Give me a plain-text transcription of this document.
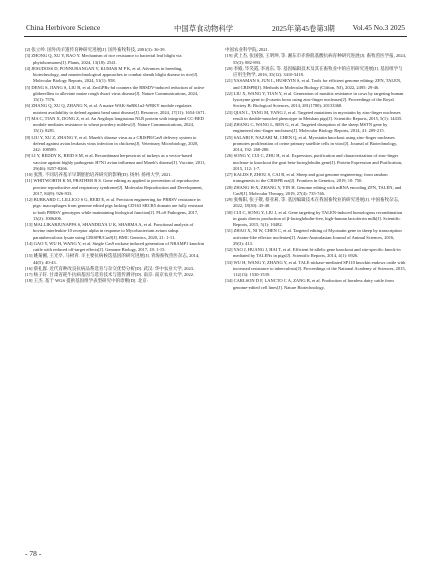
China Herbivore Science	中国草食动物科学	2025年第45卷第3期 Vol.45 No.3 2025

[2] 张立岭. 国外肉羊遗传育种研究进展[J]. 国外畜牧科技, 2001(3): 36-39.

[3] ZHONG Q, XU Y, RAO Y. Mechanism of rice resistance to bacterial leaf blight via phytohormones[J]. Plants, 2024, 13(18): 2541.

[4] JESUDOSS D, PONNURANGAN V, KUMAR M P K, et al. Advances in breeding, biotechnology, and nanotechnological approaches to combat sheath blight disease in rice[J]. Molecular Biology Reports, 2024, 51(1): 958.

[5] DENG S, JIANG S, LIU B, et al. ZmGPRs-hd counters the RBSDV-induced reduction of active gibberellins to alleviate maize rough dwarf virus disease[J]. Nature Communications, 2024, 15(1): 7576.

[6] ZHANG Q, XU Q, ZHANG N, et al. A maize WAK-SnRK1α2-WRKY module regulates nutrient availability to defend against head smut disease[J]. Resource, 2024, 17(11): 1654-1671.

[7] MA C, TIAN X, DONG Z, et al. An Aegilops longissima NLR protein with integrated CC-BED module mediates resistance to wheat powdery mildew[J]. Nature Communications, 2024, 15(1): 8281.

[8] LIU Y, XU Z, ZHANG Y, et al. Marek's disease virus as a CRISPR/Cas9 delivery system to defend against avian leukosis virus infection in chickens[J]. Veterinary Microbiology, 2020, 242: 108589.

[9] LI Y, REDDY K, REID S M, et al. Recombinant herpesvirus of turkeys as a vector-based vaccine against highly pathogenic H7N1 avian influenza and Marek's disease[J]. Vaccine, 2011, 29(46): 8257-8266.

[10] 张凯. 不同培养基羊早期胚胎培养研究的影响[D]. 扬州: 扬州大学, 2021.

[11] WHITWORTH K M, PRATHER R S. Gene editing as applied to prevention of reproductive porcine reproductive and respiratory syndrome[J]. Molecular Reproduction and Development, 2017, 84(9): 926-933.

[12] BURKARD C, LILLICO S G, REID E, et al. Precision engineering for PRRSV resistance in pigs: macrophages from genome edited pigs lacking CD163 SRCR5 domain are fully resistant to both PRRSV genotypes while maintaining biological function[J]. PLoS Pathogens, 2017, 13(2): 1006206.

[13] MALLIKARJUNAPPA S, SHANDILYA U K, SHARMA A, et al. Functional analysis of bovine interleukin-10 receptor alpha in response to Mycobacterium avium subsp. paratuberculosis lysate using CRISPR/Cas9[J]. BMC Genetics, 2020, 21: 1-11.

[14] GAO Y, WU H, WANG Y, et al. Single Cas9 nickase induced generation of NRAMP1 knockin cattle with reduced off-target effects[J]. Genome Biology, 2017, 18: 1-15.

[15] 姚菊圃, 王光亭, 马树青. 羊主要抗病候选基因的研究进展[J]. 青海畜牧兽医杂志, 2014, 44(5): 40-43.

[16] 蔡礼群. 近代育种改良抗病品系选育与杂交优势分析[D]. 武汉: 华中农业大学, 2023.

[17] 杨子轩. 甘肃省耗牛抗病基因与选育技术与遗传测评[D]. 南京: 南京农业大学, 2022.

[18] 王杰. 基于 WGS 提供基因组学表型研究中的诊断[D]. 北京:

中国农业科学院, 2021.

[19] 武上杰, 张国强, 王明坤, 等. 湘东市赤鲁肌基酸抗病育种研究进展[J]. 畜牧兽医学报, 2024, 55(3): 882-893.

[20] 李殿, 毕笑霞, 李再东, 等. 基因编辑技术及其在畜牧业中的应用研究进展[J]. 基因组学与应用生物学, 2016, 35(12): 3410-3418.

[21] YASAMAN S, JUN L, HUSEYIN S, et al. Tools for efficient genome editing: ZFN, TALEN, and CRISPR[J]. Methods in Molecular Biology (Clifton, NJ), 2022, 2495: 29-46.

[22] LIU X, WANG Y, TIAN Y, et al. Generation of mastitis resistance in cows by targeting human lysozyme gene to β-casein locus using zinc-finger nucleases[J]. Proceedings of the Royal Society B: Biological Sciences, 2014, 281(1780): 20133368.

[23] QIAN L, TANG M, YANG J, et al. Targeted mutations in myostatin by zinc-finger nucleases result in double-muscled phenotype in Meishan pigs[J]. Scientific Reports, 2015, 5(1): 14435.

[24] ZHANG C, WANG L, REN G, et al. Targeted disruption of the sheep MSTN gene by engineered zinc-finger nucleases[J]. Molecular Biology Reports, 2014, 41: 209-215.

[25] SALABI F, NAZARI M, CHEN Q, et al. Myostatin knockout using zinc-finger nucleases promotes proliferation of ovine primary satellite cells in vitro[J]. Journal of Biotechnology, 2014, 192: 268-280.

[26] SONG Y, CUI C, ZHU H, et al. Expression, purification and characterization of zinc-finger nuclease to knockout the goat beta-lactoglobulin gene[J]. Protein Expression and Purification, 2015, 112: 1-7.

[27] KALDS P, ZHOU S, CAI B, et al. Sheep and goat genome engineering: from random transgenesis to the CRISPR era[J]. Frontiers in Genetics, 2019, 10: 750.

[28] ZHANG H-X, ZHANG Y, YIN H. Genome editing with mRNA encoding ZFN, TALEN, and Cas9[J]. Molecular Therapy, 2019, 27(4): 735-746.

[29] 张梅阳, 张子敬, 蔡亚莉, 等. 基因编辑技术在我国畜牧业的研究进展[J]. 中国畜牧杂志, 2022, 18(30): 45-48.

[30] CUI C, SONG Y, LIU J, et al. Gene targeting by TALEN-induced homologous recombination in goats directs production of β-lactoglobulin-free, high-human lactoferrin milk[J]. Scientific Reports, 2015, 5(1): 10482.

[31] ZHAO X, NI W, CHEN C, et al. Targeted editing of Myostatin gene in sheep by transcription activator-like effector nucleases[J]. Asian-Australasian Journal of Animal Sciences, 2016, 29(3): 413.

[32] YAO J, HUANG J, HAI T, et al. Efficient bi-allelic gene knockout and site-specific knock-in mediated by TALENs in pigs[J]. Scientific Reports, 2014, 4(1): 6926.

[33] WU H, WANG Y, ZHANG Y, et al. TALE nickase-mediated SP110 knockin endows cattle with increased resistance to tuberculosis[J]. Proceedings of the National Academy of Sciences, 2015, 112(13): 1530-1539.

[34] CARLSON D F, LANCTO C A, ZANG B, et al. Production of hornless dairy cattle from genome-edited cell lines[J]. Nature Biotechnology,

- 78 -
